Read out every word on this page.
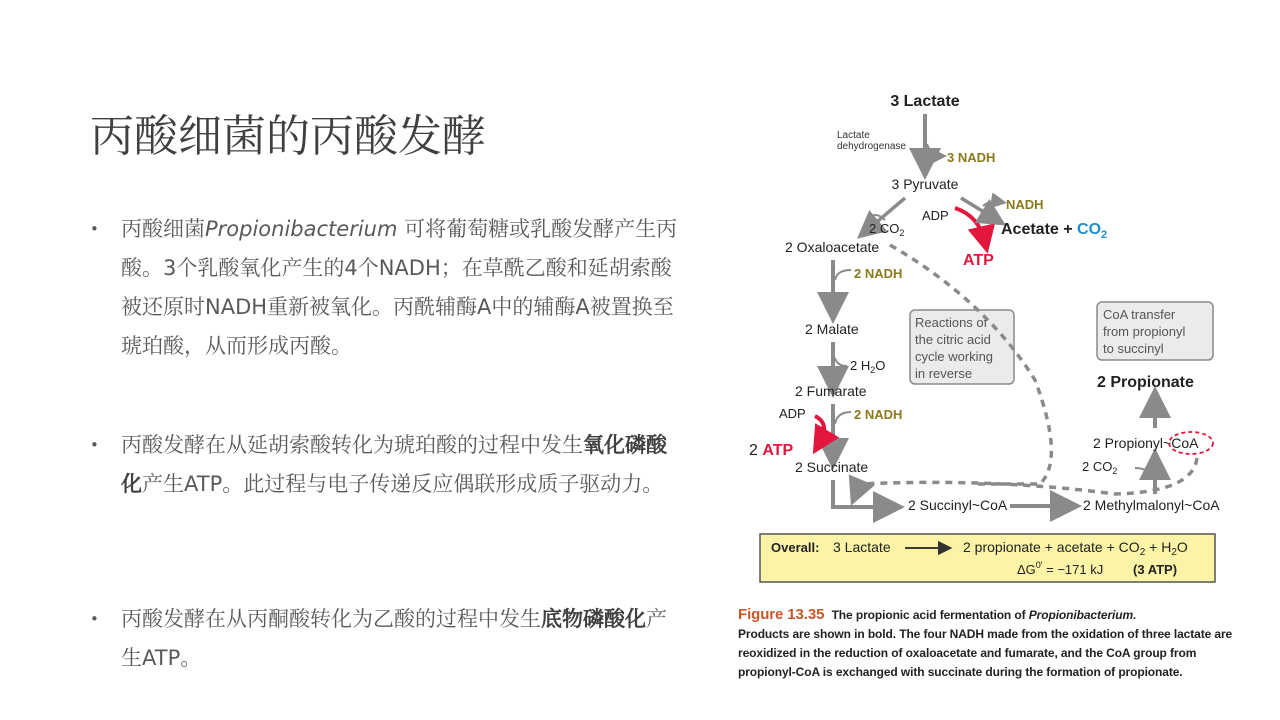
丙酸细菌的丙酸发酵
• 丙酸细菌Propionibacterium 可将葡萄糖或乳酸发酵产生丙酸。3个乳酸氧化产生的4个NADH；在草酰乙酸和延胡索酸被还原时NADH重新被氧化。丙酰辅酶A中的辅酶A被置换至琥珀酸，从而形成丙酸。
• 丙酸发酵在从延胡索酸转化为琥珀酸的过程中发生氧化磷酸化产生ATP。此过程与电子传递反应偶联形成质子驱动力。
• 丙酸发酵在从丙酮酸转化为乙酸的过程中发生底物磷酸化产生ATP。
3 Lactate
Lactate
dehydrogenase
3 NADH
3 Pyruvate
ADP
NADH
Acetate + $CO_2$
ATP
2 $CO_2$
2 Oxaloacetate
2 NADH
2 Malate
2 $H_2O$
Reactions of the citric acid cycle working in reverse
2 Fumarate
ADP	2 NADH
2 ATP
2 Succinate
2 Succinyl~CoA	2 Methylmalonyl~CoA
2 $CO_2$
2 Propionyl~CoA
2 Propionate
CoA transfer from propionyl to succinyl
Overall: 3 Lactate	2 propionate + acetate + $CO_2 + H_2O$
$\Delta G^{0'} = -171$ kJ (3 ATP)
Figure 13.35 The propionic acid fermentation of Propionibacterium.
Products are shown in bold. The four NADH made from the oxidation of three lactate are reoxidized in the reduction of oxaloacetate and fumarate, and the CoA group from propionyl-CoA is exchanged with succinate during the formation of propionate.
